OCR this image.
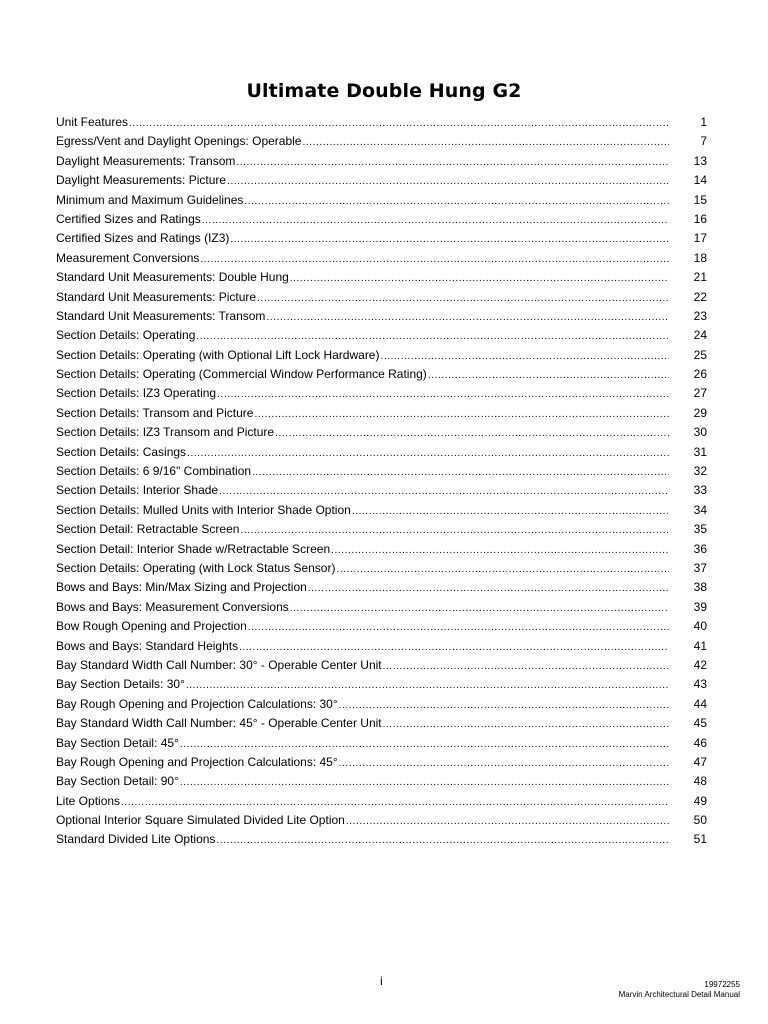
Ultimate Double Hung G2
Unit Features .....	1
Egress/Vent and Daylight Openings: Operable .....	7
Daylight Measurements: Transom .....	13
Daylight Measurements: Picture .....	14
Minimum and Maximum Guidelines .....	15
Certified Sizes and Ratings .....	16
Certified Sizes and Ratings (IZ3) .....	17
Measurement Conversions .....	18
Standard Unit Measurements: Double Hung .....	21
Standard Unit Measurements: Picture .....	22
Standard Unit Measurements: Transom .....	23
Section Details: Operating .....	24
Section Details: Operating (with Optional Lift Lock Hardware) .....	25
Section Details: Operating (Commercial Window Performance Rating) .....	26
Section Details: IZ3 Operating .....	27
Section Details: Transom and Picture .....	29
Section Details: IZ3 Transom and Picture .....	30
Section Details: Casings .....	31
Section Details: 6 9/16" Combination .....	32
Section Details: Interior Shade .....	33
Section Details: Mulled Units with Interior Shade Option .....	34
Section Detail: Retractable Screen .....	35
Section Detail: Interior Shade w/Retractable Screen .....	36
Section Details: Operating (with Lock Status Sensor) .....	37
Bows and Bays: Min/Max Sizing and Projection .....	38
Bows and Bays: Measurement Conversions .....	39
Bow Rough Opening and Projection .....	40
Bows and Bays: Standard Heights .....	41
Bay Standard Width Call Number: 30° - Operable Center Unit .....	42
Bay Section Details: 30° .....	43
Bay Rough Opening and Projection Calculations: 30° .....	44
Bay Standard Width Call Number: 45° - Operable Center Unit .....	45
Bay Section Detail: 45° .....	46
Bay Rough Opening and Projection Calculations: 45° .....	47
Bay Section Detail: 90° .....	48
Lite Options .....	49
Optional Interior Square Simulated Divided Lite Option .....	50
Standard Divided Lite Options .....	51
i	19972255
Marvin Architectural Detail Manual
